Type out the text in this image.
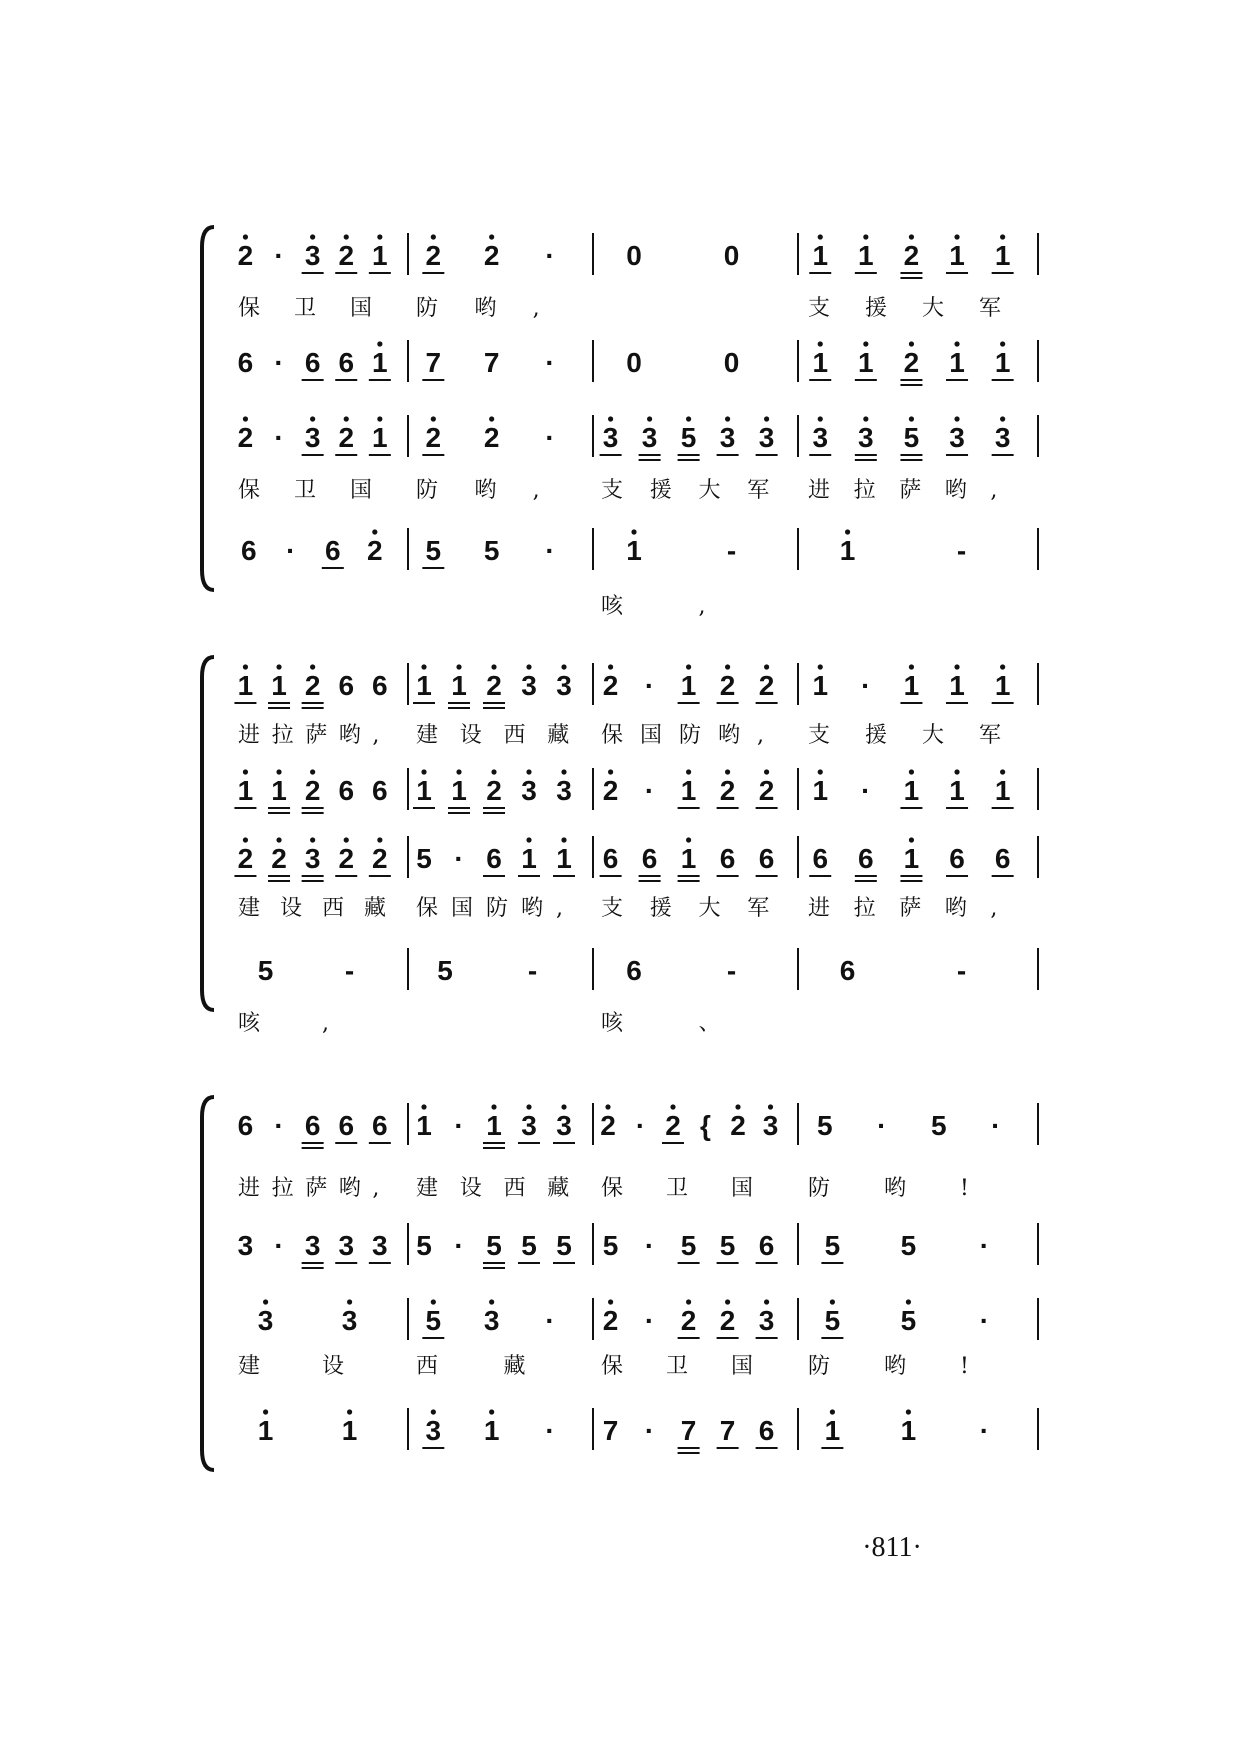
2 · 3 2 1 2 2 ·	0	0	1 1 2 1 1
6 · 6 6 1 7 7 ·	0	0	1 1 2 1 1
2 · 3 2 1 2 2 · 3 3 5 3 3 3 3 5 3 3
6 · 6 2 5 5 ·	1	-	1	-
1 1 2 6 6 1 1 2 3 3 2 · 1 2 2 1 · 1 1 1
1 1 2 6 6 1 1 2 3 3 2 · 1 2 2 1 · 1 1 1
2 2 3 2 2 5 · 6 1 1 6 6 1 6 6 6 6 1 6 6
5	-	5	-	6	-	6	-
6 · 6 6 6 1 · 1 3 3 2 · 2 { 2 3 5 · 5 ·
3 · 3 3 3 5 · 5 5 5 5 · 5 5 6 5 5 ·
3 3 5 3 · 2 · 2 2 3 5 5 ·
1 1 3 1 · 7 · 7 7 6 1 1 ·
保 卫 国 防 哟 ,	支 援 大 军
保 卫 国 防 哟 ,	支 援 大 军 进 拉 萨 哟 ,
咳	,
进 拉 萨 哟 , 建 设 西 藏 保 国 防 哟 , 支 援 大 军
建 设 西 藏 保 国 防 哟 , 支 援 大 军 进 拉 萨 哟 ,
咳	,	咳	、
进 拉 萨 哟 , 建 设 西 藏 保 卫 国 防 哟 !
建	设	西	藏	保 卫 国 防 哟 !
·811·
